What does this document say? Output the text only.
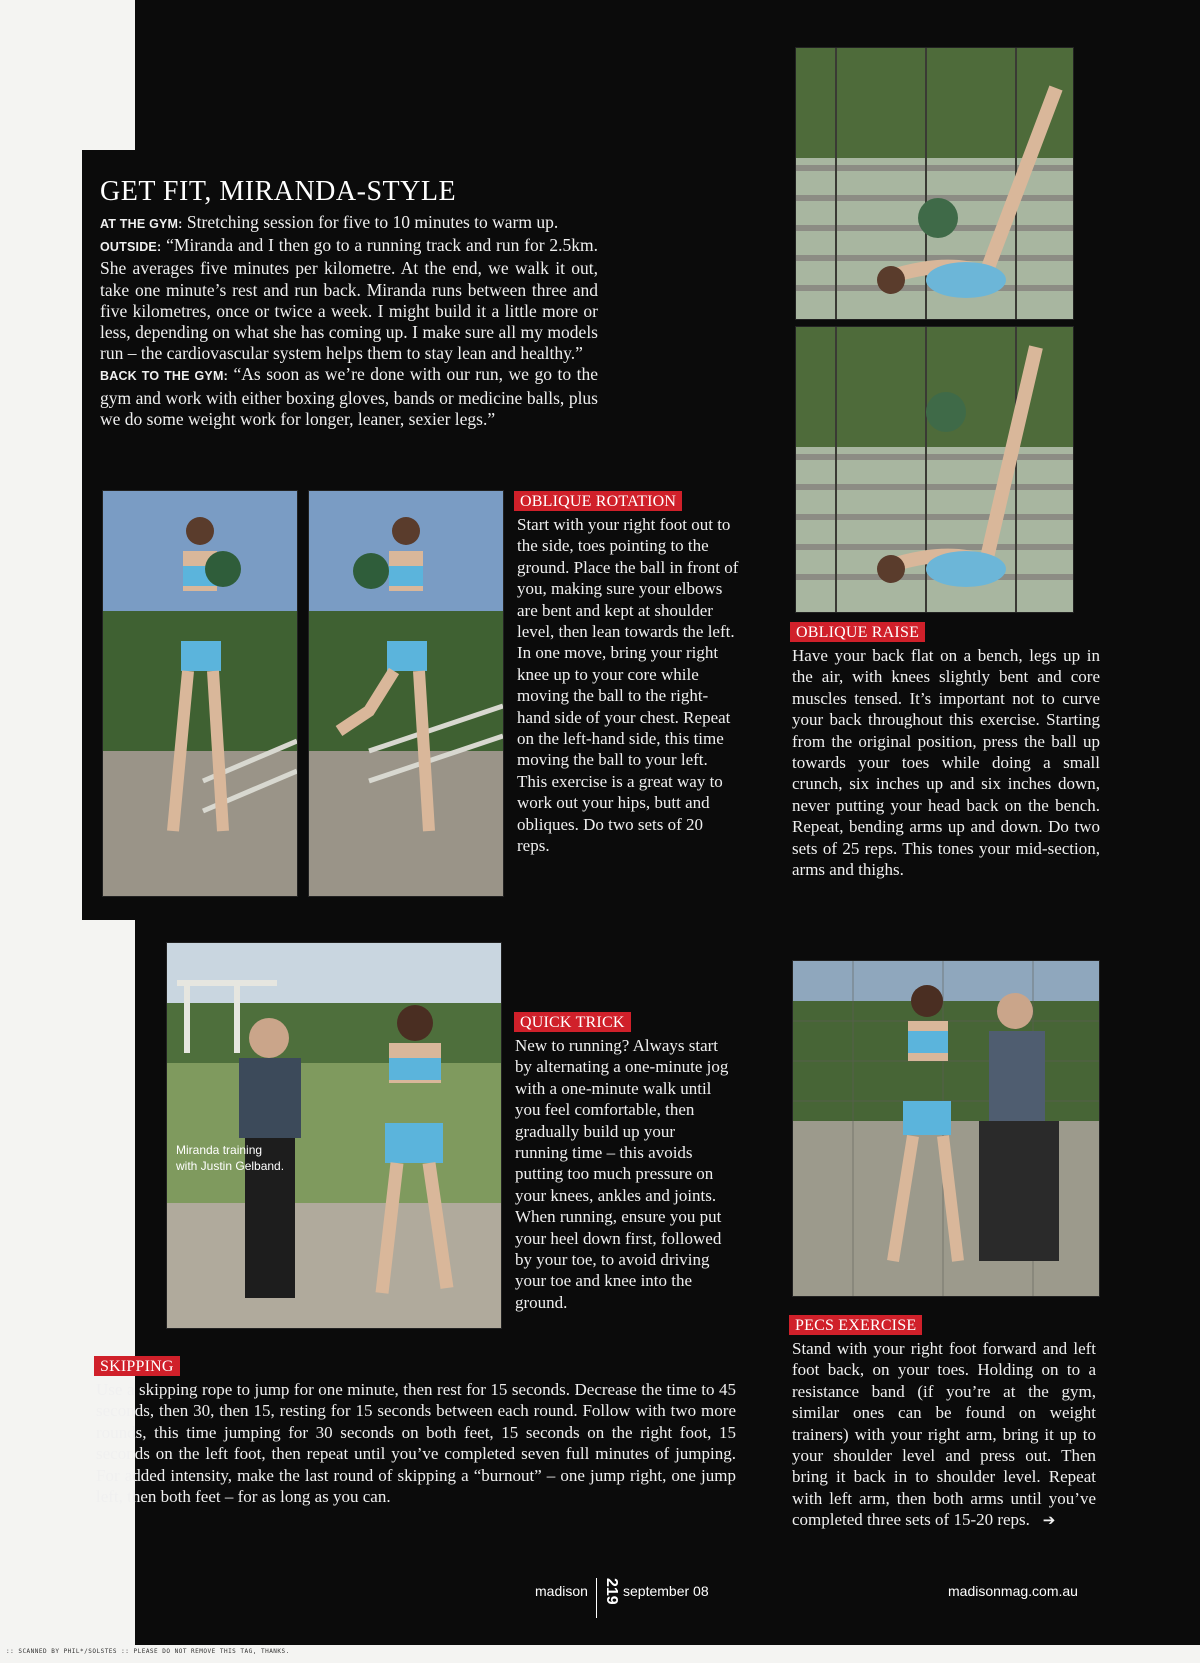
GET FIT, MIRANDA-STYLE

AT THE GYM: Stretching session for five to 10 minutes to warm up.
OUTSIDE: “Miranda and I then go to a running track and run for 2.5km. She averages five minutes per kilometre. At the end, we walk it out, take one minute’s rest and run back. Miranda runs between three and five kilometres, once or twice a week. I might build it a little more or less, depending on what she has coming up. I make sure all my models run – the cardiovascular system helps them to stay lean and healthy.”
BACK TO THE GYM: “As soon as we’re done with our run, we go to the gym and work with either boxing gloves, bands or medicine balls, plus we do some weight work for longer, leaner, sexier legs.”

OBLIQUE ROTATION
Start with your right foot out to the side, toes pointing to the ground. Place the ball in front of you, making sure your elbows are bent and kept at shoulder level, then lean towards the left. In one move, bring your right knee up to your core while moving the ball to the right-hand side of your chest. Repeat on the left-hand side, this time moving the ball to your left. This exercise is a great way to work out your hips, butt and obliques. Do two sets of 20 reps.
OBLIQUE RAISE
Have your back flat on a bench, legs up in the air, with knees slightly bent and core muscles tensed. It’s important not to curve your back throughout this exercise. Starting from the original position, press the ball up towards your toes while doing a small crunch, six inches up and six inches down, never putting your head back on the bench. Repeat, bending arms up and down. Do two sets of 25 reps. This tones your mid-section, arms and thighs.
Miranda training
with Justin Gelband.
QUICK TRICK
New to running? Always start by alternating a one-minute jog with a one-minute walk until you feel comfortable, then gradually build up your running time – this avoids putting too much pressure on your knees, ankles and joints. When running, ensure you put your heel down first, followed by your toe, to avoid driving your toe and knee into the ground.
PECS EXERCISE
Stand with your right foot forward and left foot back, on your toes. Holding on to a resistance band (if you’re at the gym, similar ones can be found on weight trainers) with your right arm, bring it up to your shoulder level and press out. Then bring it back in to shoulder level. Repeat with left arm, then both arms until you’ve completed three sets of 15-20 reps. ➔
SKIPPING
Use a skipping rope to jump for one minute, then rest for 15 seconds. Decrease the time to 45 seconds, then 30, then 15, resting for 15 seconds between each round. Follow with two more rounds, this time jumping for 30 seconds on both feet, 15 seconds on the right foot, 15 seconds on the left foot, then repeat until you’ve completed seven full minutes of jumping. For added intensity, make the last round of skipping a “burnout” – one jump right, one jump left, then both feet – for as long as you can.
madison 219 september 08	madisonmag.com.au
:: SCANNED BY PHIL*/SOLSTES :: PLEASE DO NOT REMOVE THIS TAG, THANKS.
